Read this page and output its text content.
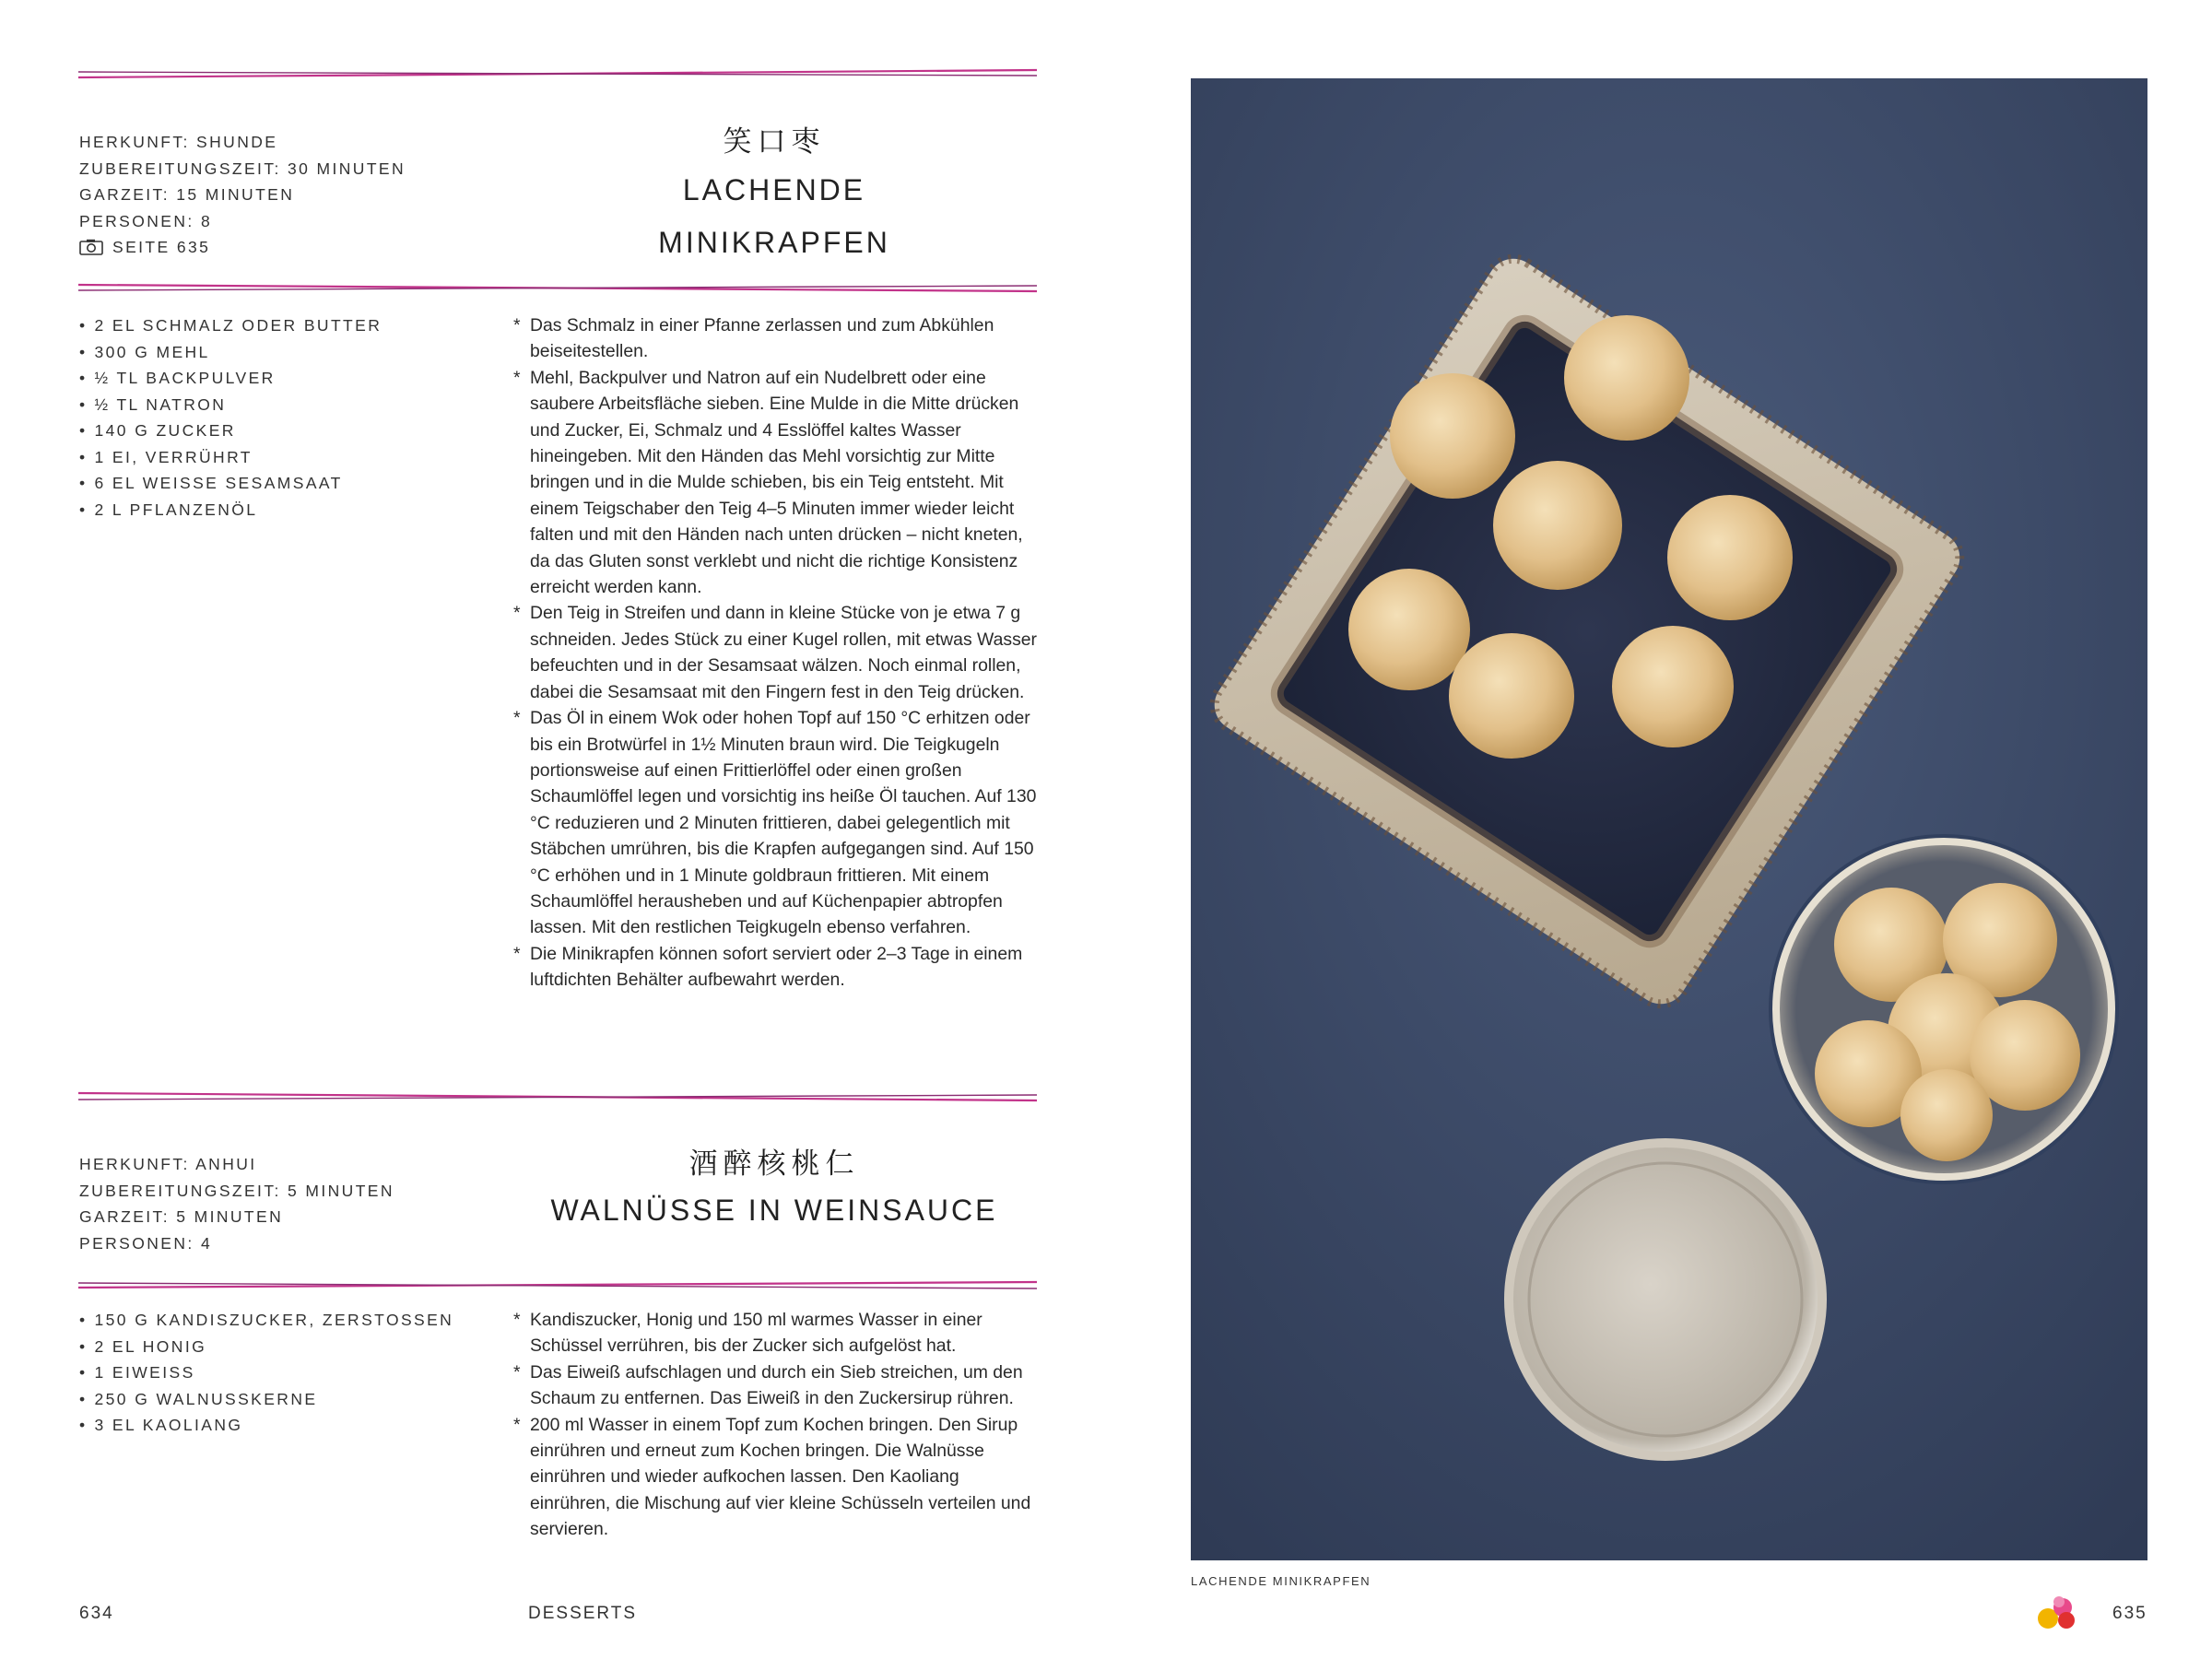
HERKUNFT: SHUNDE
ZUBEREITUNGSZEIT: 30 MINUTEN
GARZEIT: 15 MINUTEN
PERSONEN: 8
SEITE 635
笑口枣
LACHENDE
MINIKRAPFEN
• 2 EL SCHMALZ ODER BUTTER
• 300 G MEHL
• ½ TL BACKPULVER
• ½ TL NATRON
• 140 G ZUCKER
• 1 EI, VERRÜHRT
• 6 EL WEISSE SESAMSAAT
• 2 L PFLANZENÖL
* Das Schmalz in einer Pfanne zerlassen und zum Abkühlen beiseitestellen.
* Mehl, Backpulver und Natron auf ein Nudelbrett oder eine saubere Arbeitsfläche sieben. Eine Mulde in die Mitte drücken und Zucker, Ei, Schmalz und 4 Esslöffel kaltes Wasser hineingeben. Mit den Händen das Mehl vorsichtig zur Mitte bringen und in die Mulde schieben, bis ein Teig entsteht. Mit einem Teigschaber den Teig 4–5 Minuten immer wieder leicht falten und mit den Händen nach unten drücken – nicht kneten, da das Gluten sonst verklebt und nicht die richtige Konsistenz erreicht werden kann.
* Den Teig in Streifen und dann in kleine Stücke von je etwa 7 g schneiden. Jedes Stück zu einer Kugel rollen, mit etwas Wasser befeuchten und in der Sesamsaat wälzen. Noch einmal rollen, dabei die Sesamsaat mit den Fingern fest in den Teig drücken.
* Das Öl in einem Wok oder hohen Topf auf 150 °C erhitzen oder bis ein Brotwürfel in 1½ Minuten braun wird. Die Teigkugeln portionsweise auf einen Frittierlöffel oder einen großen Schaumlöffel legen und vorsichtig ins heiße Öl tauchen. Auf 130 °C reduzieren und 2 Minuten frittieren, dabei gelegentlich mit Stäbchen umrühren, bis die Krapfen aufgegangen sind. Auf 150 °C erhöhen und in 1 Minute goldbraun frittieren. Mit einem Schaumlöffel herausheben und auf Küchenpapier abtropfen lassen. Mit den restlichen Teigkugeln ebenso verfahren.
* Die Minikrapfen können sofort serviert oder 2–3 Tage in einem luftdichten Behälter aufbewahrt werden.
HERKUNFT: ANHUI
ZUBEREITUNGSZEIT: 5 MINUTEN
GARZEIT: 5 MINUTEN
PERSONEN: 4
酒醉核桃仁
WALNÜSSE IN WEINSAUCE
• 150 G KANDISZUCKER, ZERSTOSSEN
• 2 EL HONIG
• 1 EIWEISS
• 250 G WALNUSSKERNE
• 3 EL KAOLIANG
* Kandiszucker, Honig und 150 ml warmes Wasser in einer Schüssel verrühren, bis der Zucker sich aufgelöst hat.
* Das Eiweiß aufschlagen und durch ein Sieb streichen, um den Schaum zu entfernen. Das Eiweiß in den Zuckersirup rühren.
* 200 ml Wasser in einem Topf zum Kochen bringen. Den Sirup einrühren und erneut zum Kochen bringen. Die Walnüsse einrühren und wieder aufkochen lassen. Den Kaoliang einrühren, die Mischung auf vier kleine Schüsseln verteilen und servieren.
634	DESSERTS
LACHENDE MINIKRAPFEN
635
